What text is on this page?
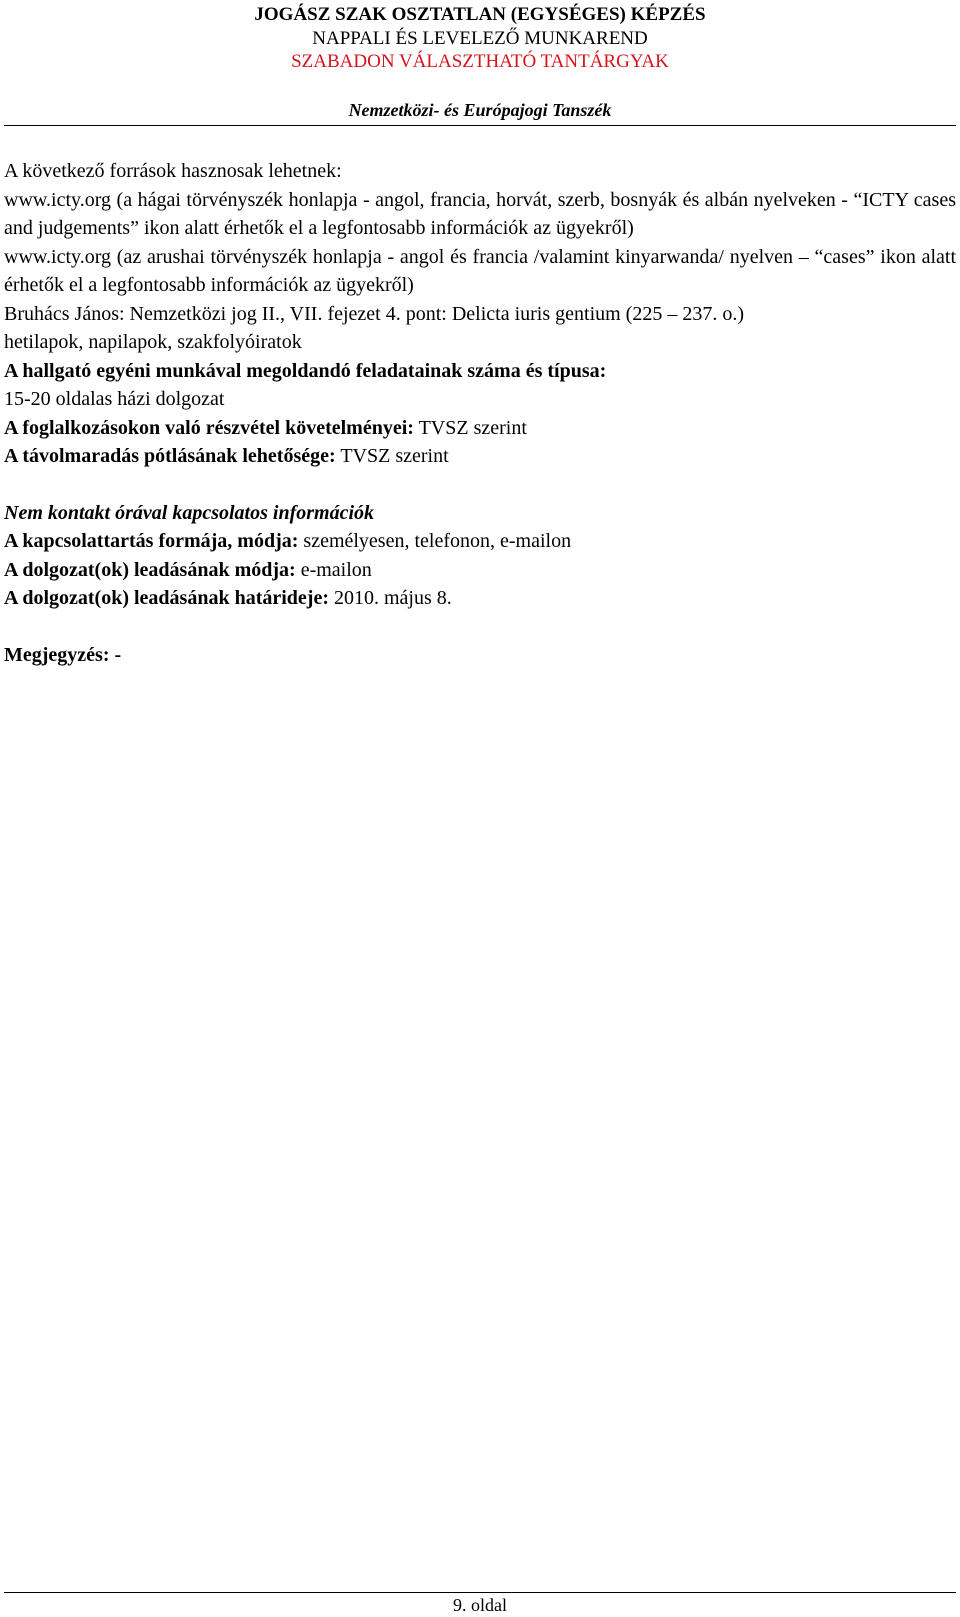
JOGÁSZ SZAK OSZTATLAN (EGYSÉGES) KÉPZÉS
NAPPALI ÉS LEVELEZŐ MUNKAREND
SZABADON VÁLASZTHATÓ TANTÁRGYAK
Nemzetközi- és Európajogi Tanszék

A következő források hasznosak lehetnek:

www.icty.org (a hágai törvényszék honlapja - angol, francia, horvát, szerb, bosnyák és albán nyelveken - “ICTY cases and judgements” ikon alatt érhetők el a legfontosabb információk az ügyekről)

www.icty.org (az arushai törvényszék honlapja - angol és francia /valamint kinyarwanda/ nyelven – “cases” ikon alatt érhetők el a legfontosabb információk az ügyekről)

Bruhács János: Nemzetközi jog II., VII. fejezet 4. pont: Delicta iuris gentium (225 – 237. o.)

hetilapok, napilapok, szakfolyóiratok

A hallgató egyéni munkával megoldandó feladatainak száma és típusa:

15-20 oldalas házi dolgozat

A foglalkozásokon való részvétel követelményei: TVSZ szerint

A távolmaradás pótlásának lehetősége: TVSZ szerint

Nem kontakt órával kapcsolatos információk

A kapcsolattartás formája, módja: személyesen, telefonon, e-mailon

A dolgozat(ok) leadásának módja: e-mailon

A dolgozat(ok) leadásának határideje: 2010. május 8.

Megjegyzés: -

9. oldal
